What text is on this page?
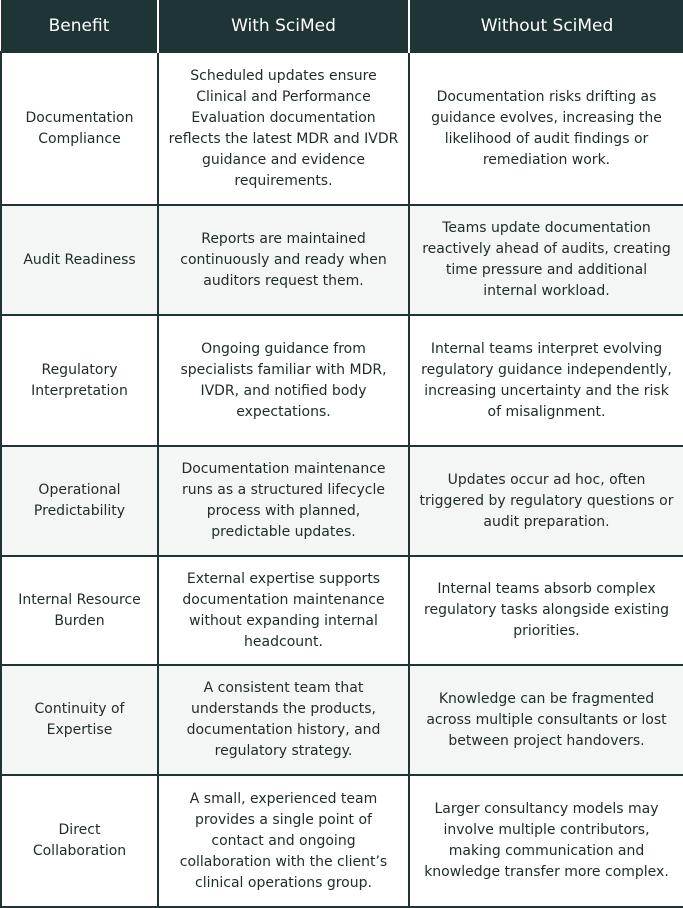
Benefit	With SciMed	Without SciMed
Documentation Compliance	Scheduled updates ensure Clinical and Performance Evaluation documentation reflects the latest MDR and IVDR guidance and evidence requirements.	Documentation risks drifting as guidance evolves, increasing the likelihood of audit findings or remediation work.
Audit Readiness	Reports are maintained continuously and ready when auditors request them.	Teams update documentation reactively ahead of audits, creating time pressure and additional internal workload.
Regulatory Interpretation	Ongoing guidance from specialists familiar with MDR, IVDR, and notified body expectations.	Internal teams interpret evolving regulatory guidance independently, increasing uncertainty and the risk of misalignment.
Operational Predictability	Documentation maintenance runs as a structured lifecycle process with planned, predictable updates.	Updates occur ad hoc, often triggered by regulatory questions or audit preparation.
Internal Resource Burden	External expertise supports documentation maintenance without expanding internal headcount.	Internal teams absorb complex regulatory tasks alongside existing priorities.
Continuity of Expertise	A consistent team that understands the products, documentation history, and regulatory strategy.	Knowledge can be fragmented across multiple consultants or lost between project handovers.
Direct Collaboration	A small, experienced team provides a single point of contact and ongoing collaboration with the client’s clinical operations group.	Larger consultancy models may involve multiple contributors, making communication and knowledge transfer more complex.
